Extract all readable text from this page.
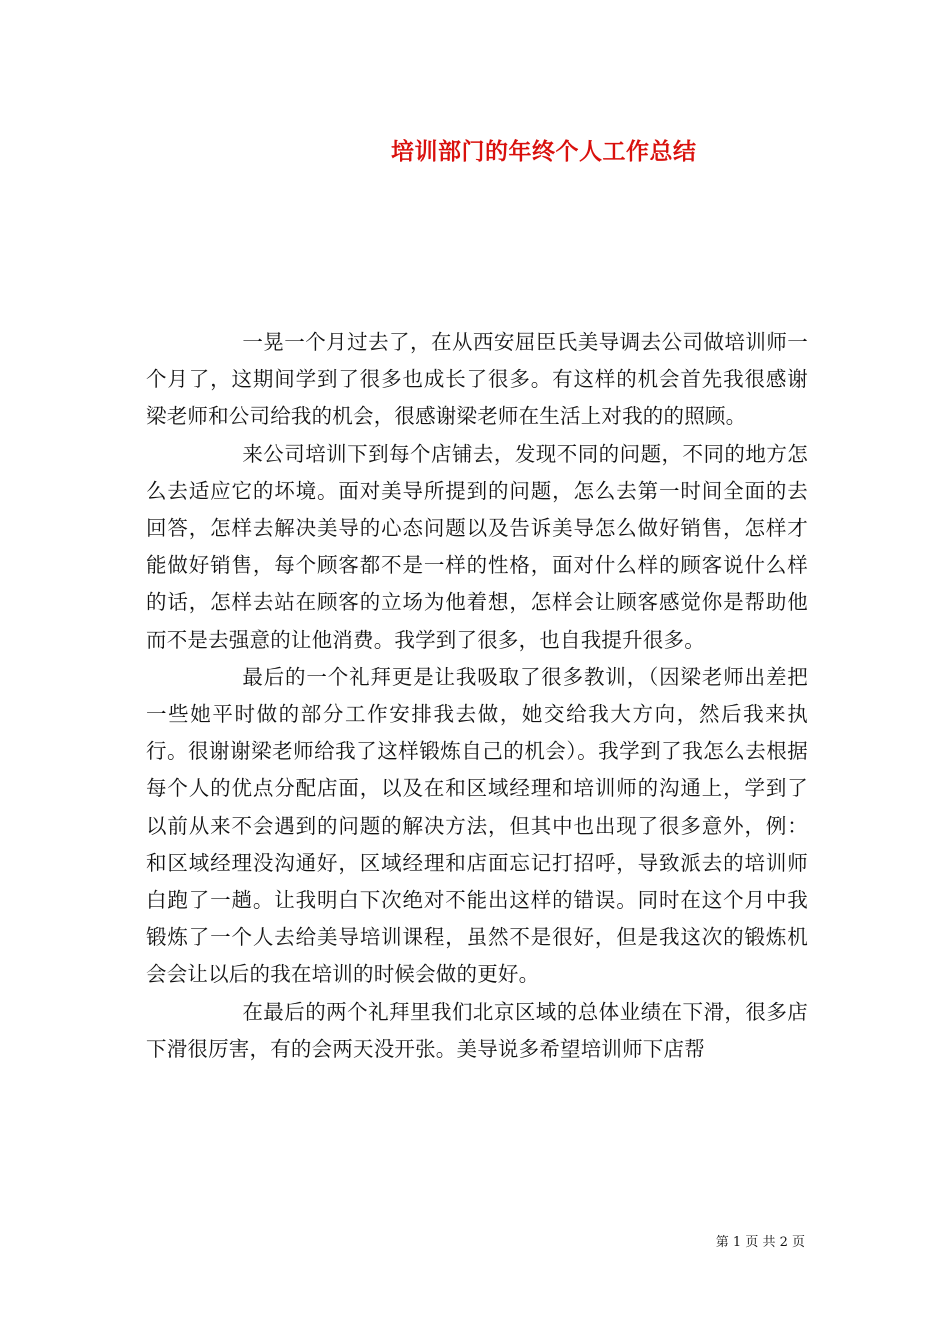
培训部门的年终个人工作总结

一晃一个月过去了，在从西安屈臣氏美导调去公司做培训师一个月了，这期间学到了很多也成长了很多。有这样的机会首先我很感谢梁老师和公司给我的机会，很感谢梁老师在生活上对我的的照顾。

来公司培训下到每个店铺去，发现不同的问题，不同的地方怎么去适应它的坏境。面对美导所提到的问题，怎么去第一时间全面的去回答，怎样去解决美导的心态问题以及告诉美导怎么做好销售，怎样才能做好销售，每个顾客都不是一样的性格，面对什么样的顾客说什么样的话，怎样去站在顾客的立场为他着想，怎样会让顾客感觉你是帮助他而不是去强意的让他消费。我学到了很多，也自我提升很多。

最后的一个礼拜更是让我吸取了很多教训，（因梁老师出差把一些她平时做的部分工作安排我去做，她交给我大方向，然后我来执行。很谢谢梁老师给我了这样锻炼自己的机会）。我学到了我怎么去根据每个人的优点分配店面，以及在和区域经理和培训师的沟通上，学到了以前从来不会遇到的问题的解决方法，但其中也出现了很多意外，例：和区域经理没沟通好，区域经理和店面忘记打招呼，导致派去的培训师白跑了一趟。让我明白下次绝对不能出这样的错误。同时在这个月中我锻炼了一个人去给美导培训课程，虽然不是很好，但是我这次的锻炼机会会让以后的我在培训的时候会做的更好。

在最后的两个礼拜里我们北京区域的总体业绩在下滑，很多店下滑很厉害，有的会两天没开张。美导说多希望培训师下店帮

第 1 页 共 2 页
